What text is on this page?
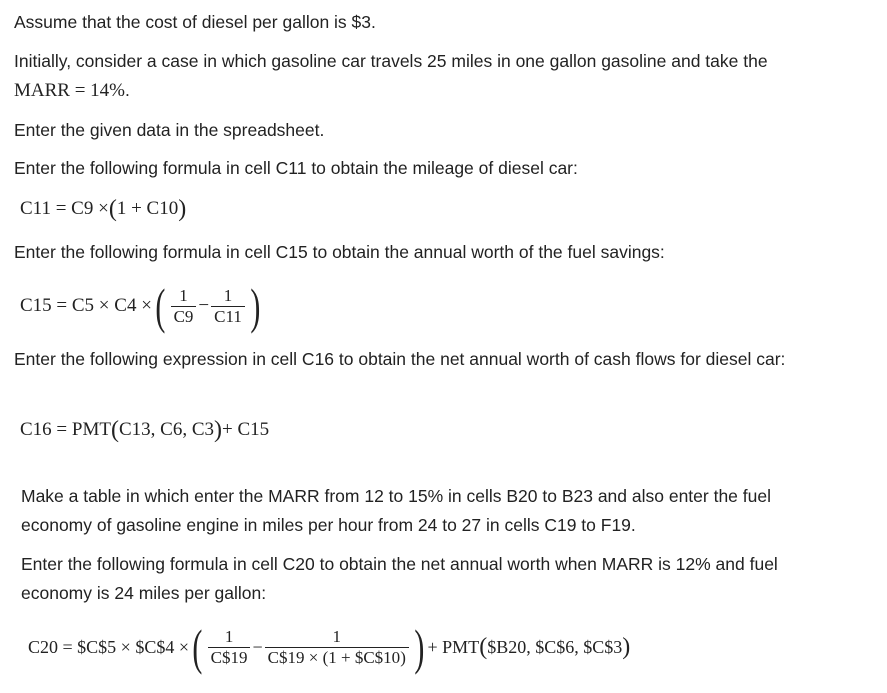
Assume that the cost of diesel per gallon is $3.

Initially, consider a case in which gasoline car travels 25 miles in one gallon gasoline and take the MARR = 14%.

Enter the given data in the spreadsheet.

Enter the following formula in cell C11 to obtain the mileage of diesel car:

C11 = C9 × ( 1 + C10 )

Enter the following formula in cell C15 to obtain the annual worth of the fuel savings:

C15 = C5 × C4 × ( $\frac{1}{C9} - \frac{1}{C11}$ )

Enter the following expression in cell C16 to obtain the net annual worth of cash flows for diesel car:

C16 = PMT ( C13, C6, C3 ) + C15

Make a table in which enter the MARR from 12 to 15% in cells B20 to B23 and also enter the fuel economy of gasoline engine in miles per hour from 24 to 27 in cells C19 to F19.

Enter the following formula in cell C20 to obtain the net annual worth when MARR is 12% and fuel economy is 24 miles per gallon:

C20 = $C$5 × $C$4 × ( $\frac{1}{C\$19} - \frac{1}{C\$19 \times (1 + \$C\$10)}$ ) + PMT ( $B20, $C$6, $C$3 )
